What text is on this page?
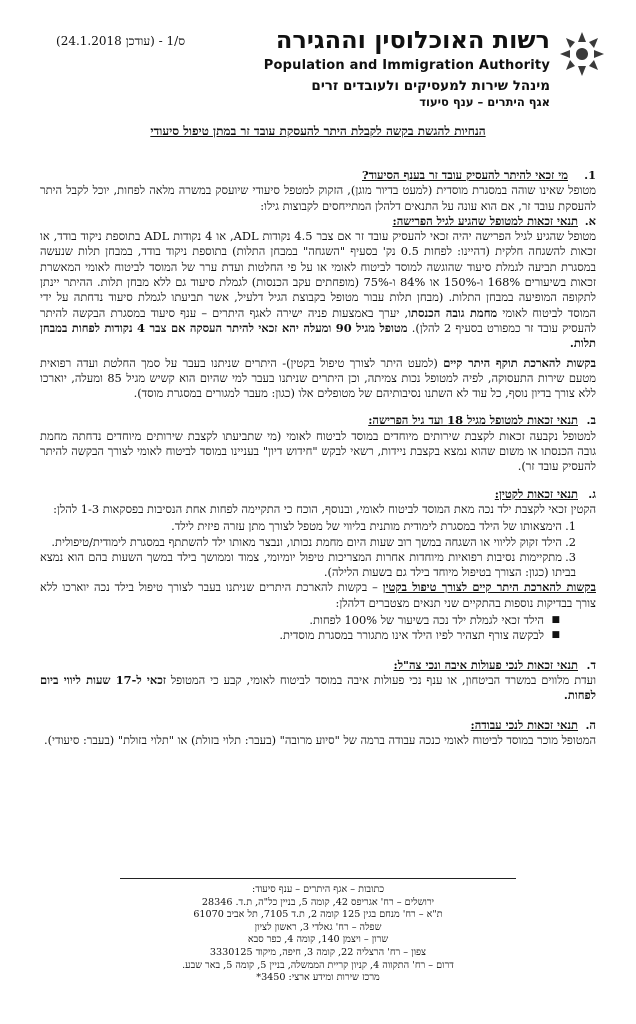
רשות האוכלוסין וההגירה
Population and Immigration Authority
מינהל שירות למעסיקים ולעובדים זרים
אגף היתרים – ענף סיעוד
ס/1 - (עודכן 24.1.2018)
הנחיות להגשת בקשה לקבלת היתר להעסקת עובד זר במתן טיפול סיעודי

1.מי זכאי להיתר להעסיק עובד זר בענף הסיעוד?

מטופל שאינו שוהה במסגרת מוסדית (למעט בדיור מוגן), הזקוק למטפל סיעודי שיועסק במשרה מלאה לפחות, יוכל לקבל היתר להעסקת עובד זר, אם הוא עונה על התנאים דלהלן המתייחסים לקבוצות גילו:

א.תנאי זכאות למטופל שהגיע לגיל הפרישה:

מטופל שהגיע לגיל הפרישה יהיה זכאי להעסיק עובד זר אם צבר 4.5 נקודות ADL, או 4 נקודות ADL בתוספת ניקוד בודד, או זכאות להשגחה חלקית (דהיינו: לפחות 0.5 נק' בסעיף "השגחה" במבחן התלות) בתוספת ניקוד בודד, במבחן תלות שנעשה במסגרת תביעה לגמלת סיעוד שהוגשה למוסד לביטוח לאומי או על פי החלטות ועדת ערר של המוסד לביטוח לאומי המאשרת זכאות בשיעורים 168% ו-150% או 84% ו-75% (מופחתים עקב הכנסות) לגמלת סיעוד גם ללא מבחן תלות. ההיתר יינתן לתקופה המופיעה במבחן התלות. (מבחן תלות עבור מטופל בקבוצת הגיל דלעיל, אשר תביעתו לגמלת סיעוד נדחתה על ידי המוסד לביטוח לאומי מחמת גובה הכנסתו, יערך באמצעות פניה ישירה לאגף היתרים – ענף סיעוד במסגרת הבקשה להיתר להעסיק עובד זר כמפורט בסעיף 2 להלן). מטופל מגיל 90 ומעלה יהא זכאי להיתר העסקה אם צבר 4 נקודות לפחות במבחן תלות.

בקשות להארכת תוקף היתר קיים (למעט היתר לצורך טיפול בקטין)- היתרים שניתנו בעבר על סמך החלטת ועדה רפואית מטעם שירות התעסוקה, לפיה למטופל נכות צמיתה, וכן היתרים שניתנו בעבר למי שהיום הוא קשיש מגיל 85 ומעלה, יוארכו ללא צורך בדיון נוסף, כל עוד לא השתנו נסיבותיהם של מטופלים אלו (כגון: מעבר למגורים במסגרת מוסד).

ב.תנאי זכאות למטופל מגיל 18 ועד גיל הפרישה:

למטופל נקבעה זכאות לקצבת שירותים מיוחדים במוסד לביטוח לאומי (מי שתביעתו לקצבת שירותים מיוחדים נדחתה מחמת גובה הכנסתו או משום שהוא נמצא בקצבת ניידות, רשאי לבקש "חידוש דיון" בעניינו במוסד לביטוח לאומי לצורך הבקשה להיתר להעסיק עובד זר).

ג.תנאי זכאות לקטין:

הקטין זכאי לקצבת ילד נכה מאת המוסד לביטוח לאומי, ובנוסף, הוכח כי התקיימה לפחות אחת הנסיבות בפסקאות 1-3 להלן:

1.הימצאותו של הילד במסגרת לימודית מותנית בליווי של מטפל לצורך מתן עזרה פיזית לילד.
2.הילד זקוק לליווי או השגחה במשך רוב שעות היום מחמת נכותו, ונבצר מאותו ילד להשתתף במסגרת לימודית/טיפולית.
3.מתקיימות נסיבות רפואיות מיוחדות אחרות המצריכות טיפול יומיומי, צמוד וממושך בילד במשך השעות בהם הוא נמצא בביתו (כגון: הצורך בטיפול מיוחד בילד גם בשעות הלילה).

בקשות להארכת היתר קיים לצורך טיפול בקטין – בקשות להארכת היתרים שניתנו בעבר לצורך טיפול בילד נכה יוארכו ללא צורך בבדיקות נוספות בהתקיים שני תנאים מצטברים דלהלן:

■ הילד זכאי לגמלת ילד נכה בשיעור של 100% לפחות.
■ לבקשה צורף תצהיר לפיו הילד אינו מתגורר במסגרת מוסדית.

ד.תנאי זכאות לנכי פעולות איבה ונכי צה"ל:

ועדת מלווים במשרד הביטחון, או ענף נכי פעולות איבה במוסד לביטוח לאומי, קבע כי המטופל זכאי ל-17 שעות ליווי ביום לפחות.

ה.תנאי זכאות לנכי עבודה:

המטופל מוכר במוסד לביטוח לאומי כנכה עבודה ברמה של "סיוע מרובה" (בעבר: תלוי בזולת) או "תלוי בזולת" (בעבר: סיעודי).

כתובות – אגף היתרים – ענף סיעוד:

ירושלים – רח' אגריפס 42, קומה 5, בניין כל"ה, ת.ד. 28346

ת"א – רח' מנחם בגין 125 קומה 2, ת.ד 7105, תל אביב 61070

שפלה – רח' גאלדי 3, ראשון לציון

שרון – ויצמן 140, קומה 4, כפר סבא

צפון – רח' הרצליה 22, קומה 3, חיפה, מיקוד 3330125

דרום – רח' התקווה 4, קניון קריית הממשלה, בניין 5, קומה 5, באר שבע.

מרכז שירות ומידע ארצי: 3450*
